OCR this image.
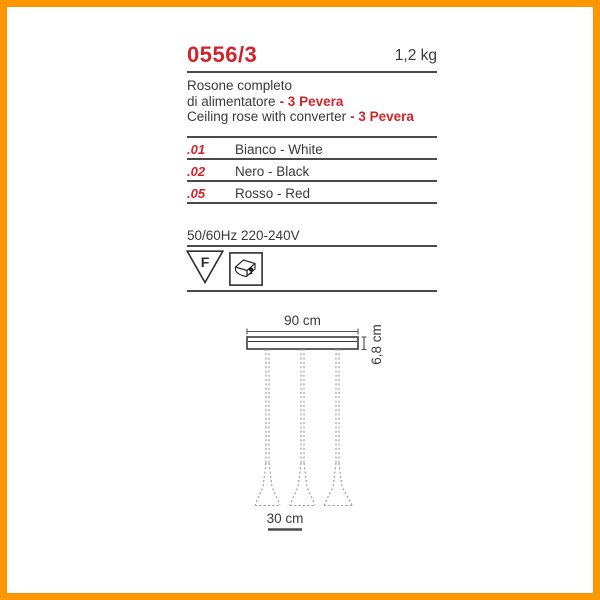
0556/3	1,2 kg
Rosone completo
di alimentatore - 3 Pevera
Ceiling rose with converter - 3 Pevera
.01	Bianco - White
.02	Nero - Black
.05	Rosso - Red
50/60Hz 220-240V
F
90 cm
6,8 cm
30 cm
